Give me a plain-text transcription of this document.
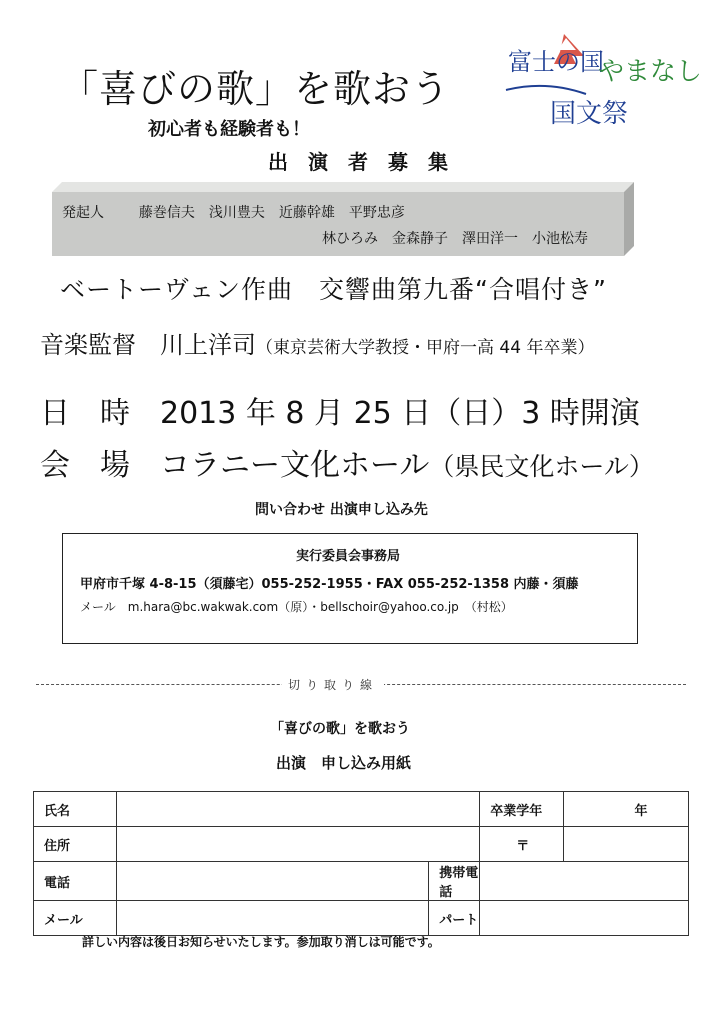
「喜びの歌」を歌おう
富士の国
やまなし
国文祭
初心者も経験者も！
出演者募集
発起人 藤巻信夫　浅川豊夫　近藤幹雄　平野忠彦
林ひろみ　金森静子　澤田洋一　小池松寿
ベートーヴェン作曲　交響曲第九番“合唱付き”
音楽監督　川上洋司（東京芸術大学教授・甲府一高 44 年卒業）
日　時　2013 年 8 月 25 日（日）3 時開演
会　場　コラニー文化ホール（県民文化ホール）
問い合わせ 出演申し込み先
実行委員会事務局
甲府市千塚 4-8-15（須藤宅）055-252-1955・FAX 055-252-1358 内藤・須藤
メール　m.hara@bc.wakwak.com（原）・bellschoir@yahoo.co.jp　（村松）
切り取り線
「喜びの歌」を歌おう
出演　申し込み用紙
氏名			卒業学年	年
住所			〒	
電話		携帯電話		
メール		パート		
詳しい内容は後日お知らせいたします。参加取り消しは可能です。
